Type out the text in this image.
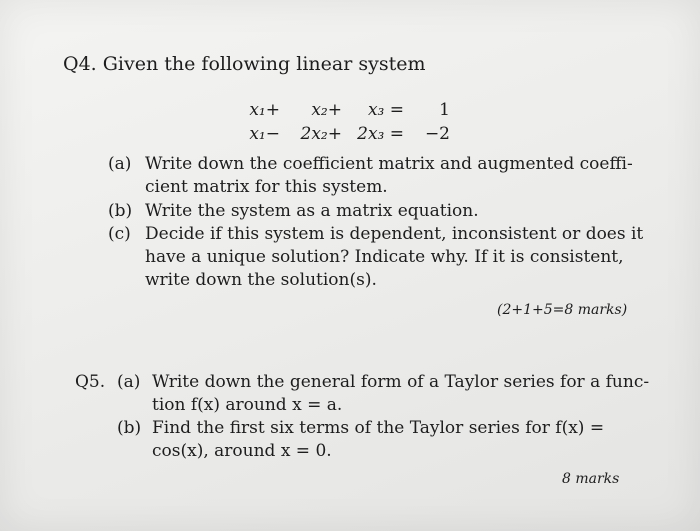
Q4. Given the following linear system
x₁+	x₂+	x₃ =	1
x₁−	2x₂+ 2x₃ =	−2
(a) Write down the coefficient matrix and augmented coeffi-
cient matrix for this system.
(b) Write the system as a matrix equation.
(c) Decide if this system is dependent, inconsistent or does it
have a unique solution? Indicate why. If it is consistent,
write down the solution(s).
(2+1+5=8 marks)
Q5. (a) Write down the general form of a Taylor series for a func-
tion f(x) around x = a.
(b) Find the first six terms of the Taylor series for f(x) =
cos(x), around x = 0.
8 marks
